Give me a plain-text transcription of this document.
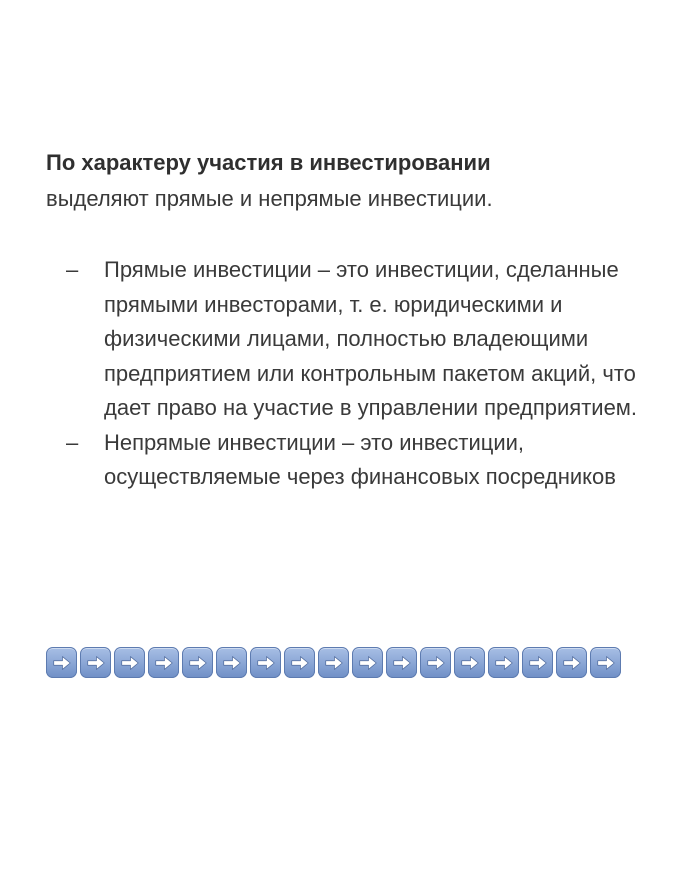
По характеру участия в инвестировании
выделяют прямые и непрямые инвестиции.

–	Прямые инвестиции – это инвестиции, сделанные прямыми инвесторами, т. е. юридическими и физическими лицами, полностью владеющими предприятием или контрольным пакетом акций, что дает право на участие в управлении предприятием.
–	Непрямые инвестиции – это инвестиции, осуществляемые через финансовых посредников
